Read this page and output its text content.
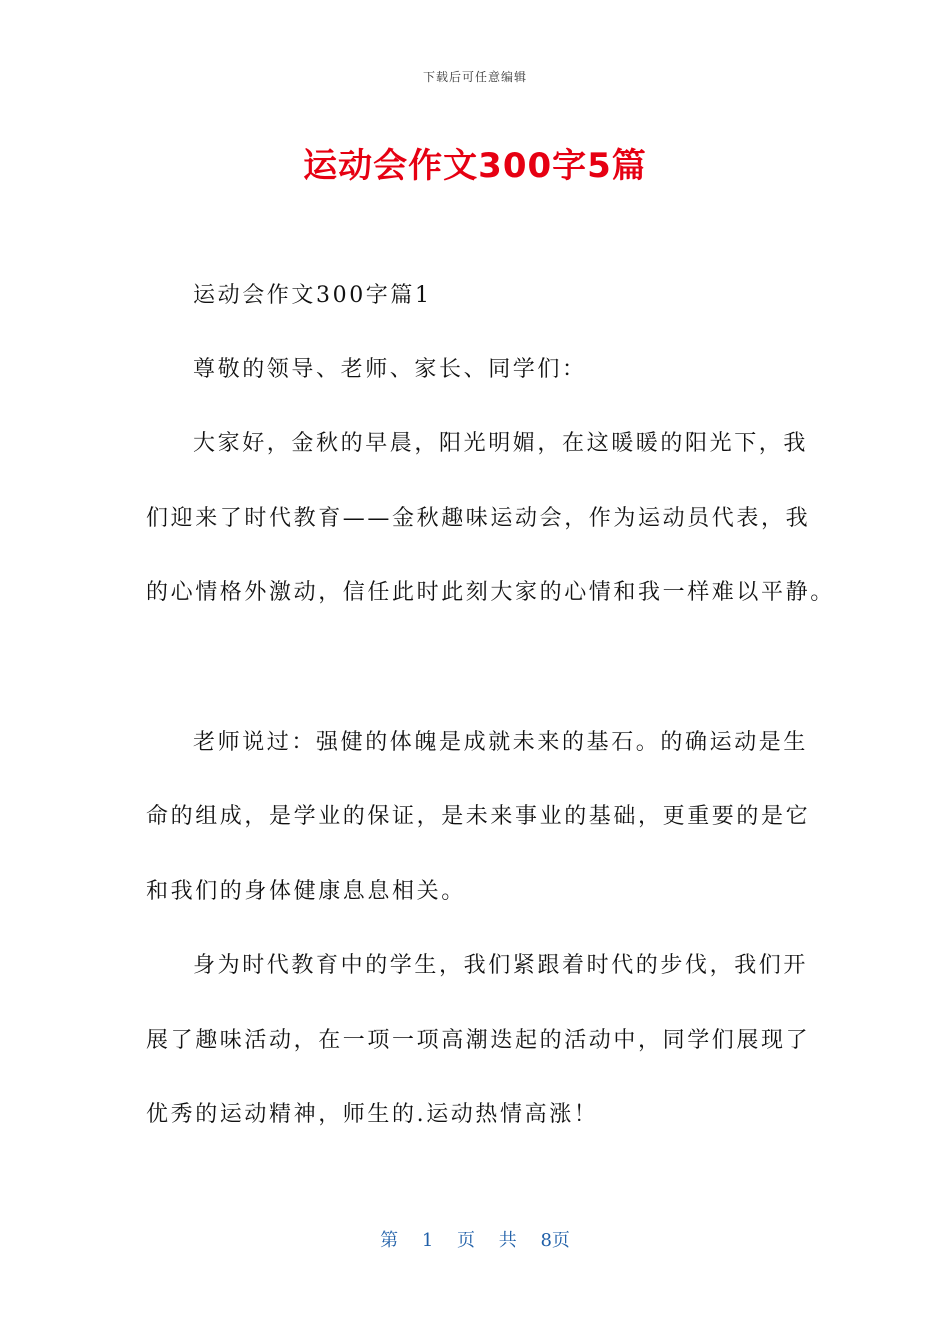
下载后可任意编辑
运动会作文300字5篇
运动会作文300字篇1
尊敬的领导、老师、家长、同学们：
大家好，金秋的早晨，阳光明媚，在这暖暖的阳光下，我
们迎来了时代教育——金秋趣味运动会，作为运动员代表，我
的心情格外激动，信任此时此刻大家的心情和我一样难以平静。
老师说过：强健的体魄是成就未来的基石。的确运动是生
命的组成，是学业的保证，是未来事业的基础，更重要的是它
和我们的身体健康息息相关。
身为时代教育中的学生，我们紧跟着时代的步伐，我们开
展了趣味活动，在一项一项高潮迭起的活动中，同学们展现了
优秀的运动精神，师生的.运动热情高涨！
第 1 页 共 8页
